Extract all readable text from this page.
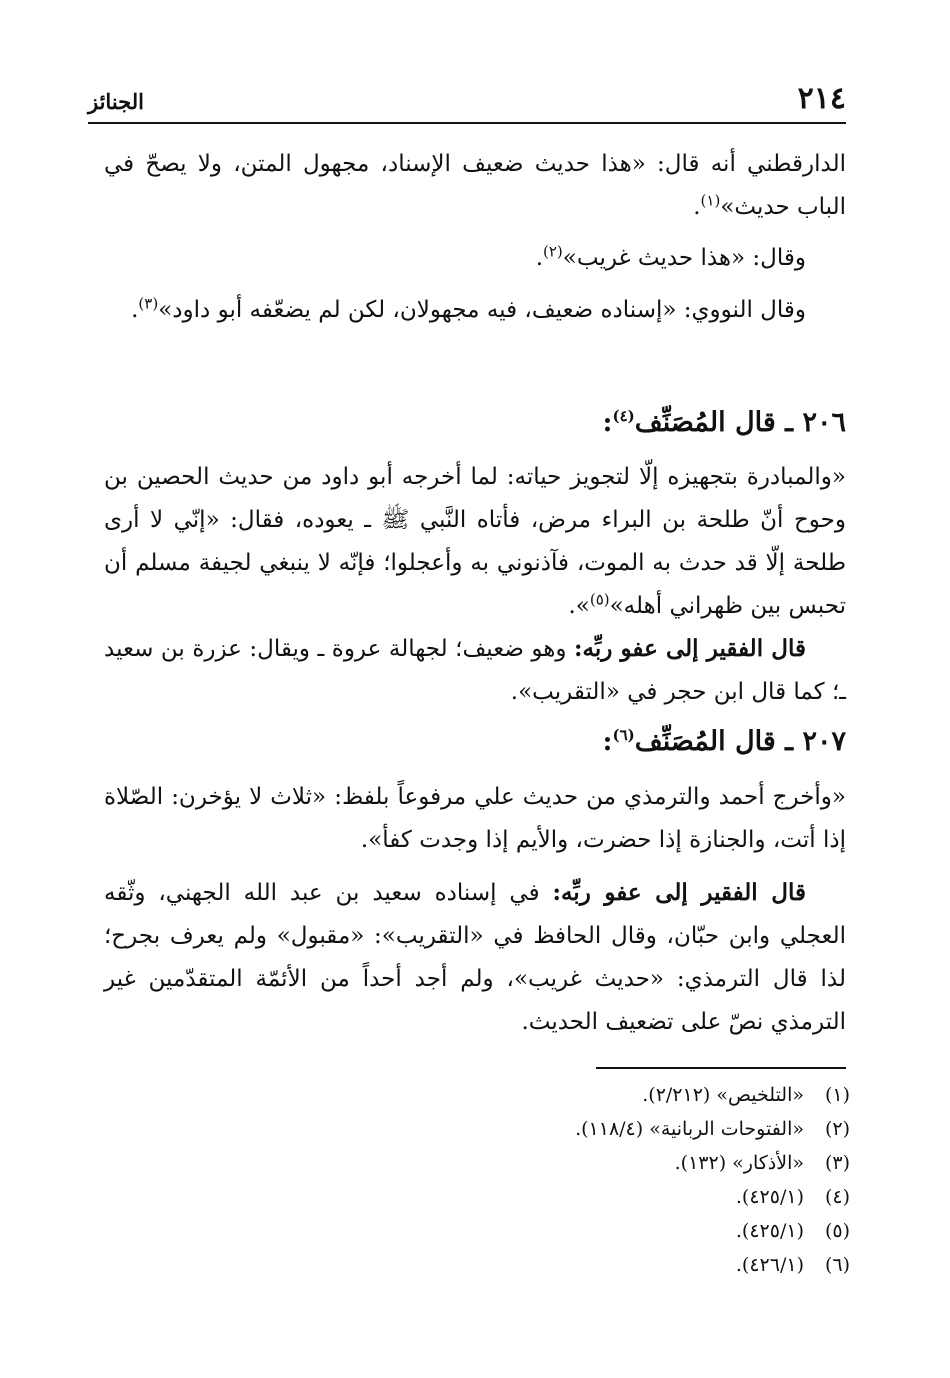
٢١٤
الجنائز
الدارقطني أنه قال: «هذا حديث ضعيف الإسناد، مجهول المتن، ولا يصحّ في الباب حديث»$^{(١)}$.
وقال: «هذا حديث غريب»$^{(٢)}$.
وقال النووي: «إسناده ضعيف، فيه مجهولان، لكن لم يضعّفه أبو داود»$^{(٣)}$.
٢٠٦ ـ قال المُصَنِّف$^{(٤)}$:
«والمبادرة بتجهيزه إلّا لتجويز حياته: لما أخرجه أبو داود من حديث الحصين بن وحوح أنّ طلحة بن البراء مرض، فأتاه النَّبي ﷺ ـ يعوده، فقال: «إنّي لا أرى طلحة إلّا قد حدث به الموت، فآذنوني به وأعجلوا؛ فإنّه لا ينبغي لجيفة مسلم أن تحبس بين ظهراني أهله»$^{(٥)}$».
قال الفقير إلى عفو ربِّه: وهو ضعيف؛ لجهالة عروة ـ ويقال: عزرة بن سعيد ـ؛ كما قال ابن حجر في «التقريب».
٢٠٧ ـ قال المُصَنِّف$^{(٦)}$:
«وأخرج أحمد والترمذي من حديث علي مرفوعاً بلفظ: «ثلاث لا يؤخرن: الصّلاة إذا أتت، والجنازة إذا حضرت، والأيم إذا وجدت كفأ».
قال الفقير إلى عفو ربِّه: في إسناده سعيد بن عبد الله الجهني، وثّقه العجلي وابن حبّان، وقال الحافظ في «التقريب»: «مقبول» ولم يعرف بجرح؛ لذا قال الترمذي: «حديث غريب»، ولم أجد أحداً من الأئمّة المتقدّمين غير الترمذي نصّ على تضعيف الحديث.
(١)
«التلخيص» (٢/٢١٢).
(٢)
«الفتوحات الربانية» (١١٨/٤).
(٣)
«الأذكار» (١٣٢).
(٤)
(٤٢٥/١).
(٥)
(٤٢٥/١).
(٦)
(٤٢٦/١).
